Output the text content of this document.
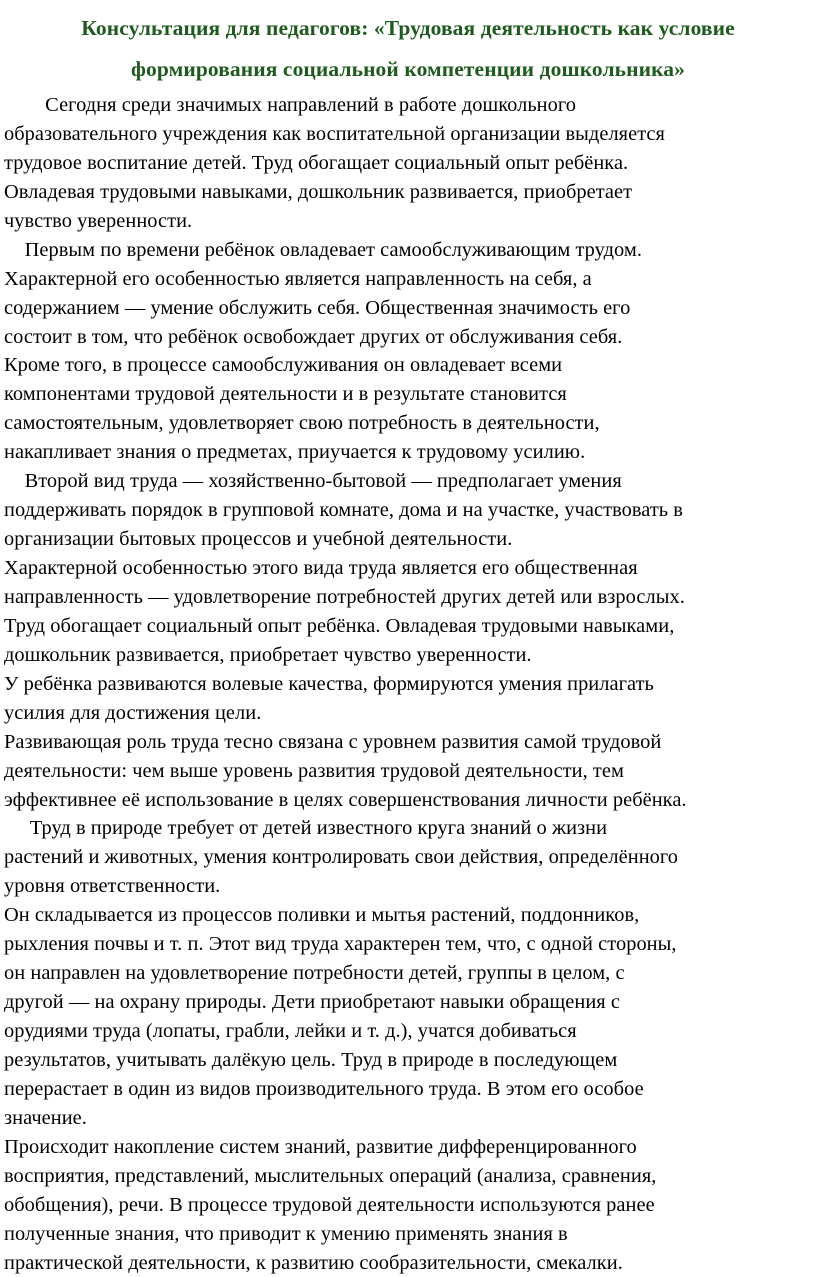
Консультация для педагогов: «Трудовая деятельность как условие
формирования социальной компетенции дошкольника»
Сегодня среди значимых направлений в работе дошкольного
образовательного учреждения как воспитательной организации выделяется
трудовое воспитание детей. Труд обогащает социальный опыт ребёнка.
Овладевая трудовыми навыками, дошкольник развивается, приобретает
чувство уверенности.
Первым по времени ребёнок овладевает самообслуживающим трудом.
Характерной его особенностью является направленность на себя, а
содержанием — умение обслужить себя. Общественная значимость его
состоит в том, что ребёнок освобождает других от обслуживания себя.
Кроме того, в процессе самообслуживания он овладевает всеми
компонентами трудовой деятельности и в результате становится
самостоятельным, удовлетворяет свою потребность в деятельности,
накапливает знания о предметах, приучается к трудовому усилию.
Второй вид труда — хозяйственно-бытовой — предполагает умения
поддерживать порядок в групповой комнате, дома и на участке, участвовать в
организации бытовых процессов и учебной деятельности.
Характерной особенностью этого вида труда является его общественная
направленность — удовлетворение потребностей других детей или взрослых.
Труд обогащает социальный опыт ребёнка. Овладевая трудовыми навыками,
дошкольник развивается, приобретает чувство уверенности.
У ребёнка развиваются волевые качества, формируются умения прилагать
усилия для достижения цели.
Развивающая роль труда тесно связана с уровнем развития самой трудовой
деятельности: чем выше уровень развития трудовой деятельности, тем
эффективнее её использование в целях совершенствования личности ребёнка.
Труд в природе требует от детей известного круга знаний о жизни
растений и животных, умения контролировать свои действия, определённого
уровня ответственности.
Он складывается из процессов поливки и мытья растений, поддонников,
рыхления почвы и т. п. Этот вид труда характерен тем, что, с одной стороны,
он направлен на удовлетворение потребности детей, группы в целом, с
другой — на охрану природы. Дети приобретают навыки обращения с
орудиями труда (лопаты, грабли, лейки и т. д.), учатся добиваться
результатов, учитывать далёкую цель. Труд в природе в последующем
перерастает в один из видов производительного труда. В этом его особое
значение.
Происходит накопление систем знаний, развитие дифференцированного
восприятия, представлений, мыслительных операций (анализа, сравнения,
обобщения), речи. В процессе трудовой деятельности используются ранее
полученные знания, что приводит к умению применять знания в
практической деятельности, к развитию сообразительности, смекалки.
